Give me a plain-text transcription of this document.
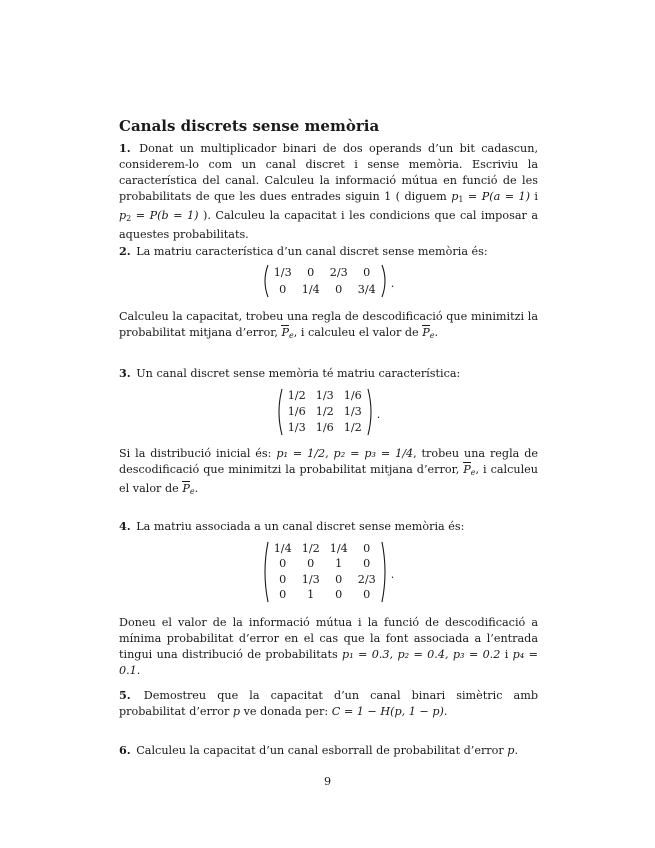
Canals discrets sense memòria
1. Donat un multiplicador binari de dos operands d’un bit cadascun, considerem-lo com un canal discret i sense memòria. Escriviu la característica del canal. Calculeu la informació mútua en funció de les probabilitats de que les dues entrades siguin 1 ( diguem $p_1 = P(a = 1)$ i $p_2 = P(b = 1)$ ). Calculeu la capacitat i les condicions que cal imposar a aquestes probabilitats.
2. La matriu característica d’un canal discret sense memòria és:
1/3	0	2/3	0
0	1/4	0	3/4 .
Calculeu la capacitat, trobeu una regla de descodificació que minimitzi la probabilitat mitjana d’error, Pe, i calculeu el valor de Pe.
3. Un canal discret sense memòria té matriu característica:
1/2	1/3	1/6
1/6	1/2	1/3
1/3	1/6	1/2
.
Si la distribució inicial és: p₁ = 1/2, p₂ = p₃ = 1/4, trobeu una regla de descodificació que minimitzi la probabilitat mitjana d’error, Pe, i calculeu el valor de Pe.
4. La matriu associada a un canal discret sense memòria és:
1/4	1/2	1/4	0
0	0	1	0
0	1/3	0	2/3
0	1	0	0
.
Doneu el valor de la informació mútua i la funció de descodificació a mínima probabilitat d’error en el cas que la font associada a l’entrada tingui una distribució de probabilitats p₁ = 0.3, p₂ = 0.4, p₃ = 0.2 i p₄ = 0.1.
5. Demostreu que la capacitat d’un canal binari simètric amb probabilitat d’error p ve donada per: C = 1 − H(p, 1 − p).
6. Calculeu la capacitat d’un canal esborrall de probabilitat d’error p.
9
